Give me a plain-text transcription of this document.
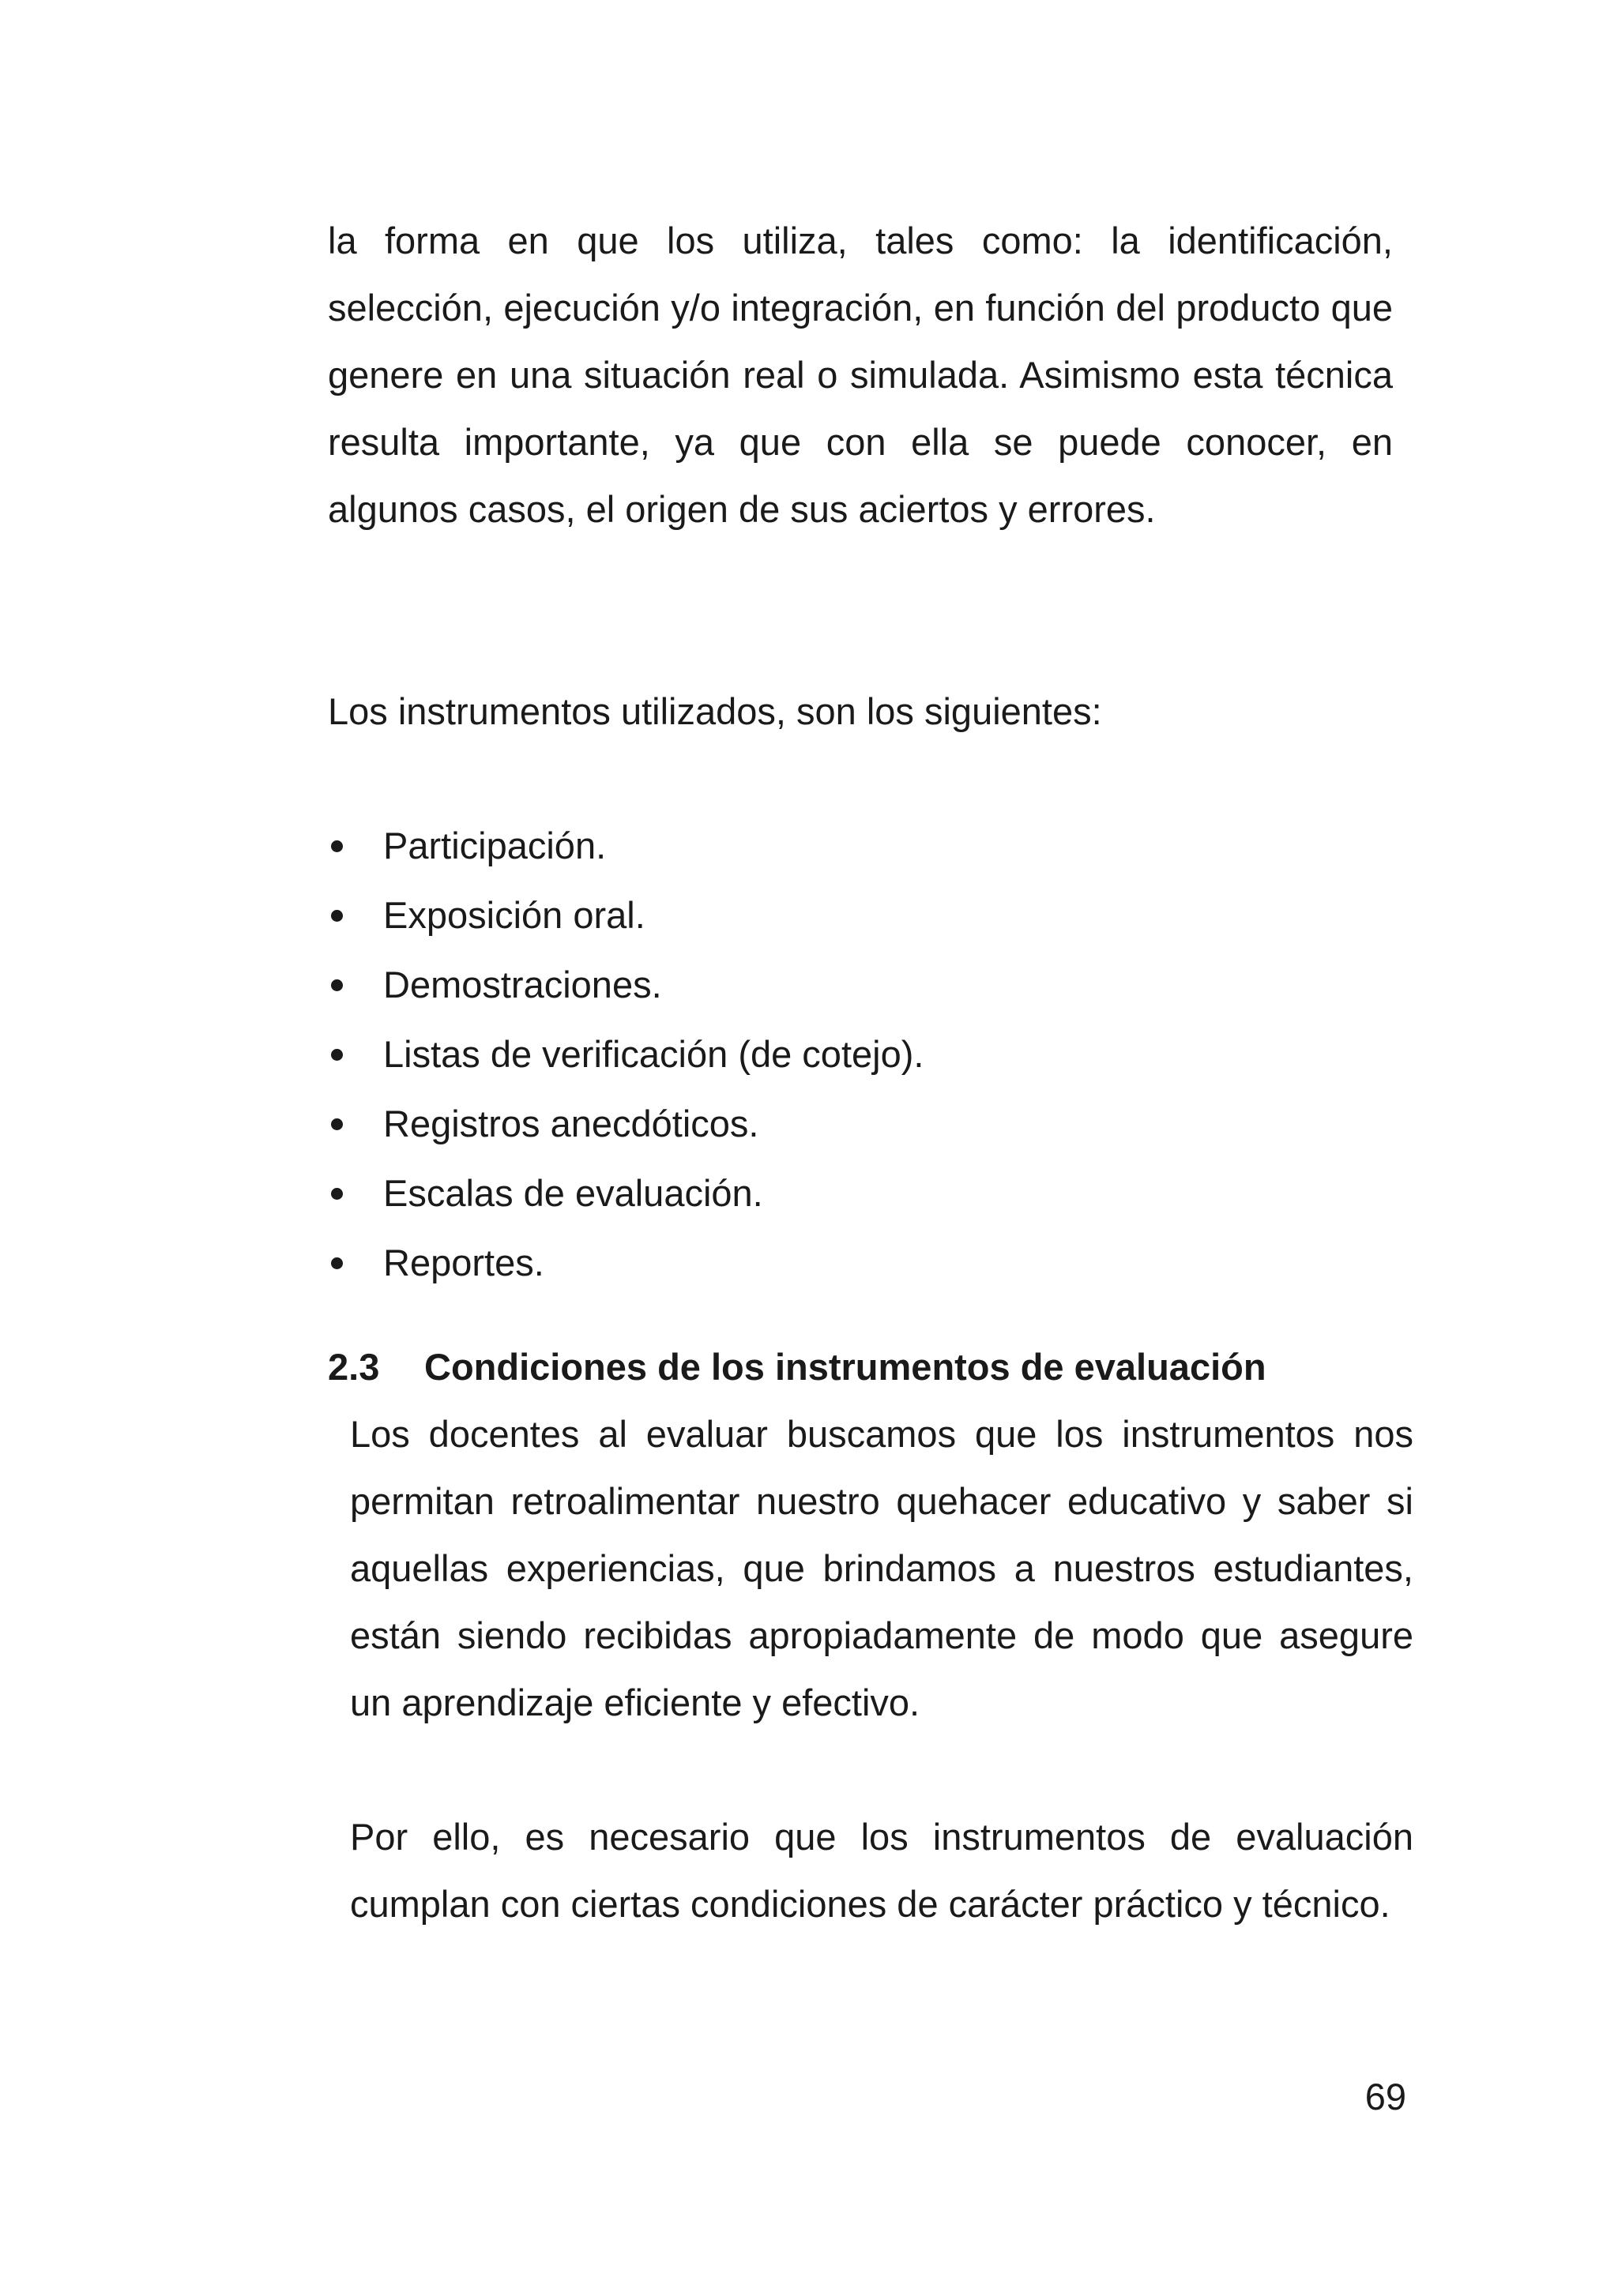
la forma en que los utiliza, tales como: la identificación, selección, ejecución y/o integración, en función del producto que genere en una situación real o simulada. Asimismo esta técnica resulta importante, ya que con ella se puede conocer, en algunos casos, el origen de sus aciertos y errores.

Los instrumentos utilizados, son los siguientes:

Participación.
Exposición oral.
Demostraciones.
Listas de verificación (de cotejo).
Registros anecdóticos.
Escalas de evaluación.
Reportes.
2.3 Condiciones de los instrumentos de evaluación

Los docentes al evaluar buscamos que los instrumentos nos permitan retroalimentar nuestro quehacer educativo y saber si aquellas experiencias, que brindamos a nuestros estudiantes, están siendo recibidas apropiadamente de modo que asegure un aprendizaje eficiente y efectivo.

Por ello, es necesario que los instrumentos de evaluación cumplan con ciertas condiciones de carácter práctico y técnico.

69
